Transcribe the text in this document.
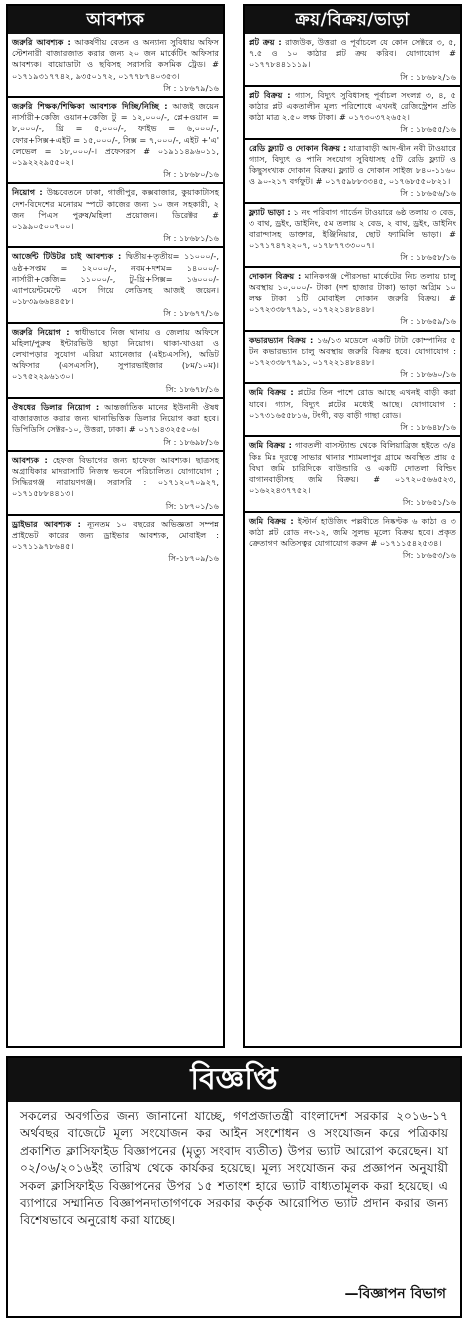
আবশ্যক
জরুরি আবশ্যক : আকর্ষণীয় বেতন ও অন্যান্য সুবিধায় অফিস স্টেশনারী বাজারজাত করার জন্য ২০ জন মার্কেটিং অফিসার আবশ্যক। বায়োডাটা ও ছবিসহ সরাসরি কসমিক ট্রেড। # ০১৭১৯৩১৭৭৪২, ৯৩৫০১৭২, ০১৭৭৮৭৪০৩৫৩।
সি : ১৮৬৭৯/১৬
জরুরি শিক্ষক/শিক্ষিকা আবশ্যক দিচ্ছি/নিচ্ছি : আজই জয়েন নার্সারী+কেজি ওয়ান+কেজি টু = ১২,০০০/-, প্লে+ওয়ান = ৮,০০০/-, থ্রি = ৫,০০০/-, ফাইভ = ৬,০০০/-, ফোর+সিক্স+এইট = ১৫,০০০/-, সিক্স = ৭,০০০/-, এইট +'এ' লেভেল = ১৮,০০০/-। প্রফেসরস # ০১৯১১৪৯৬০১১, ০১৯২২২৯৫৫০২।
সি : ১৮৬৮০/১৬
নিয়োগ : উচ্চবেতনে ঢাকা, গাজীপুর, কক্সবাজার, কুয়াকাটাসহ দেশ-বিদেশের মনোরম স্পটে কাজের জন্য ১০ জন সহকারী, ২ জন পিএস পুরুষ/মহিলা প্রয়োজন। ডিরেক্টর # ০১৯৯০৫০০৭০০।
সি : ১৮৬৮১/১৬
আর্জেন্ট টিউটর চাই আবশ্যক : দ্বিতীয়+তৃতীয়= ১১০০০/-, ৬ষ্ঠ+সপ্তম = ১২০০০/-, নবম+দশম= ১৪০০০/- নার্সারী+কেজি= ১১০০০/-, টু-থ্রি+সিক্স= ১৬০০০/- এ্যাপয়েন্টমেন্টে এসে গিয়ে লেডিসহ আজই জয়েন। ০১৮৩৯৬৬৪৪৫৮।
সি : ১৮৬৭৭/১৬
জরুরি নিয়োগ : স্বাধীভাবে নিজ থানায় ও জেলায় অফিসে মহিলা/পুরুষ ইন্টারভিউ ছাড়া নিয়োগ। থাকা-খাওয়া ও লেখাপড়ার সুযোগ এরিয়া ম্যানেজার (এইচএসসি), অডিট অফিসার (এসএসসি), সুপারভাইজার (৮ম/১০ম)। ০১৭৫২২৯৬১৩০।
সি: ১৮৬৭৮/১৬
ঔষধের ডিলার নিয়োগ : আন্তর্জাতিক মানের ইউনানী ঔষধ বাজারজাত করার জন্য থানাভিত্তিক ডিলার নিয়োগ করা হবে। ডিপিডিসি সেক্টর-১০, উত্তরা, ঢাকা। # ০১৭১৪৩২৫৫০৬।
সি : ১৮৬৯৮/১৬
আবশ্যক : হেফজ বিভাগের জন্য হাফেজ আবশ্যক। ছাত্রসহ অগ্রাধিকার মাদরাসাটি নিজস্ব ভবনে পরিচালিত। যোগাযোগ ; সিদ্ধিরগঞ্জ নারায়ণগঞ্জ। সরাসরি : ০১৭১২০৭০৯২৭, ০১৭১৫৮৮৪৪১৩।
সি: ১৮৭০১/১৬
ড্রাইভার আবশ্যক : ন্যূনতম ১০ বছরের অভিজ্ঞতা সম্পন্ন প্রাইভেট কারের জন্য ড্রাইভার আবশ্যক, মোবাইল : ০১৭১১৯৭৮৬৪৫।
সি-১৮৭০৯/১৬
ক্রয়/বিক্রয়/ভাড়া
প্লট ক্রয় : রাজউক, উত্তরা ও পূর্বাচলে যে কোন সেক্টরে ৩, ৫, ৭.৫ ও ১০ কাঠার প্লট ক্রয় করিব। যোগাযোগ # ০১৭৭৮৪৪১১১৯।
সি : ১৮৬৮২/১৬
প্লট বিক্রয় : গ্যাস, বিদ্যুৎ সুবিধাসহ পূর্বাচল সংলগ্ন ৩, ৪, ৫ কাঠার প্লট একতালীন মূল্য পরিশোধে এখনই রেজিস্ট্রেশন প্রতি কাঠা মাত্র ২.৫০ লক্ষ টাকা। # ০১৭৩০৩৭২৬৫২।
সি : ১৮৬৫৫/১৬
রেডি ফ্ল্যাট ও দোকান বিক্রয় : যাত্রাবাড়ী আদ-দ্বীন নবী টাওয়ারে গ্যাস, বিদ্যুৎ ও পানি সংযোগ সুবিধাসহ ৫টি রেডি ফ্ল্যাট ও কিছুসংখ্যক দোকান বিক্রয়। ফ্ল্যাট ও দোকান সাইজ ৮৪০-১১৬০ ও ৯০-২১৭ বর্গফুট। # ০১৭৫৯৮৮৩৩৪৫, ০১৭৬৮৫৫০৮২১।
সি : ১৮৬৫৬/১৬
ফ্ল্যাট ভাড়া : ১ নং পরিবাগ গার্ডেন টাওয়ারে ৬ষ্ঠ তলায় ৩ বেড, ৩ বাথ, ড্রইং, ডাইনিং, ৫ম তলায় ২ বেড, ২ বাথ, ড্রইং, ডাইনিং বারান্দাসহ ডাক্তার, ইঞ্জিনিয়ার, ছোট ফ্যামিলি ভাড়া। # ০১৭১৭৪৭২২০৭, ০১৭৮৭৭৩৩০০৭।
সি : ১৮৬৫৮/১৬
দোকান বিক্রয় : মানিকগঞ্জ পৌরসভা মার্কেটের নিচ তলায় চালু অবস্থায় ১০,০০০/- টাকা (দশ হাজার টাকা) ভাড়া অগ্রিম ১০ লক্ষ টাকা ১টি মোবাইল দোকান জরুরি বিক্রয়। # ০১৭২৩৩৮৭৭৯১, ০১৭২২১৪৮৪৪৮।
সি : ১৮৬৫৯/১৬
কভারভ্যান বিক্রয় : ১৬/১৩ মডেলে একটি টাটা কোম্পানির ৫ টন কভারভ্যান চালু অবস্থায় জরুরি বিক্রয় হবে। যোগাযোগ : ০১৭২৩৩৮৭৭৯১, ০১৭২২১৪৮৪৪৮।
সি : ১৮৬৬০/১৬
জমি বিক্রয় : প্লটের তিন পাশে রোড আছে এখনই বাড়ী করা যাবে। গ্যাস, বিদ্যুৎ প্লটের মধ্যেই আছে। যোগাযোগ : ০১৭৩১৬৫৫৮১৬, টংগী, বড় বাড়ী গাছা রোড।
সি : ১৮৬৪৮/১৬
জমি বিক্রয় : গাবতলী বাসস্ট্যান্ড থেকে বিলিয়াব্রিজ হইতে ৩/৪ কিঃ মিঃ দূরত্বে সাভার থানার শ্যামলাপুর গ্রামে অবস্থিত প্রায় ৫ বিঘা জমি চারিদিকে বাউন্ডারি ও একটি দোতলা বিল্ডিং বাগানবাড়ীসহ জমি বিক্রয়। # ০১৭২০৫৬৬৫২৩, ০১৬২২৪৩৭৭৫২।
সি: ১৮৬৫১/১৬
জমি বিক্রয় : ইস্টার্ন হাউজিং পল্লবীতে নিষ্কণ্টক ৬ কাঠা ও ৩ কাঠা প্লট রোড নং-১২, জমি সুলভ মূল্যে বিক্রয় হবে। প্রকৃত ক্রেতাগণ অতিসত্বর যোগাযোগ করুন # ০১৭১১৫৪২৫৩৪।
সি: ১৮৬৫৩/১৬
বিজ্ঞপ্তি
সকলের অবগতির জন্য জানানো যাচ্ছে, গণপ্রজাতন্ত্রী বাংলাদেশ সরকার ২০১৬-১৭ অর্থবছর বাজেটে মূল্য সংযোজন কর আইন সংশোধন ও সংযোজন করে পত্রিকায় প্রকাশিত ক্লাসিফাইড বিজ্ঞাপনের (মৃত্যু সংবাদ ব্যতীত) উপর ভ্যাট আরোপ করেছেন। যা ০২/০৬/২০১৬ইং তারিখ থেকে কার্যকর হয়েছে। মূল্য সংযোজন কর প্রজ্ঞাপন অনুযায়ী সকল ক্লাসিফাইড বিজ্ঞাপনের উপর ১৫ শতাংশ হারে ভ্যাট বাধ্যতামূলক করা হয়েছে। এ ব্যাপারে সম্মানিত বিজ্ঞাপনদাতাগণকে সরকার কর্তৃক আরোপিত ভ্যাট প্রদান করার জন্য বিশেষভাবে অনুরোধ করা যাচ্ছে।
—বিজ্ঞাপন বিভাগ
